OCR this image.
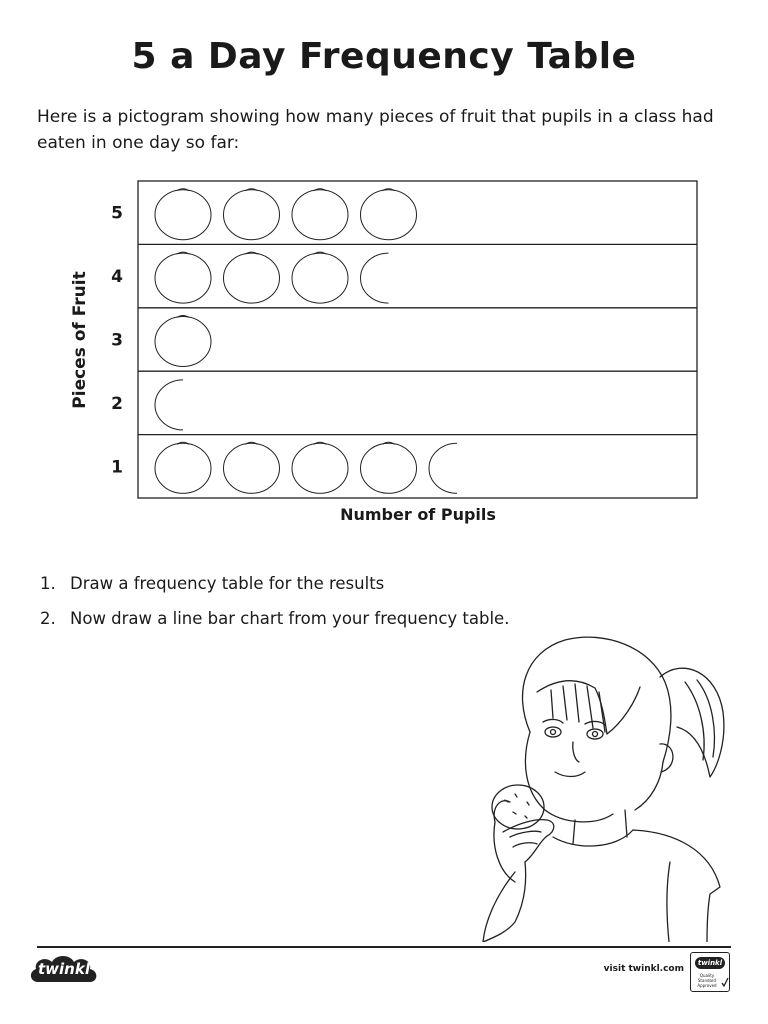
5 a Day Frequency Table
Here is a pictogram showing how many pieces of fruit that pupils in a class had eaten in one day so far:
Pieces of Fruit
5
4
3
2
1
Number of Pupils
1. Draw a frequency table for the results
2. Now draw a line bar chart from your frequency table.
twinkl	visit twinkl.com
twinkl
Quality Standard Approved
